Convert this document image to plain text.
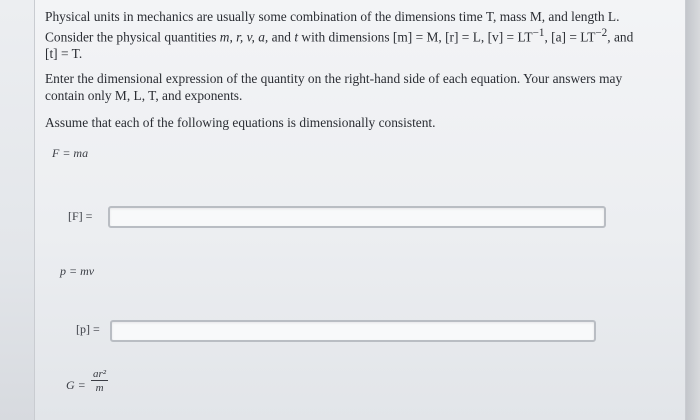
Physical units in mechanics are usually some combination of the dimensions time T, mass M, and length L. Consider the physical quantities m, r, v, a, and t with dimensions [m] = M, [r] = L, $[v] = LT^{-1}$, $[a] = LT^{-2}$, and [t] = T.

Enter the dimensional expression of the quantity on the right-hand side of each equation. Your answers may contain only M, L, T, and exponents.

Assume that each of the following equations is dimensionally consistent.

F = ma
[F] =
p = mv
[p] =
$G = \frac{\text{ar²}}{m}$
